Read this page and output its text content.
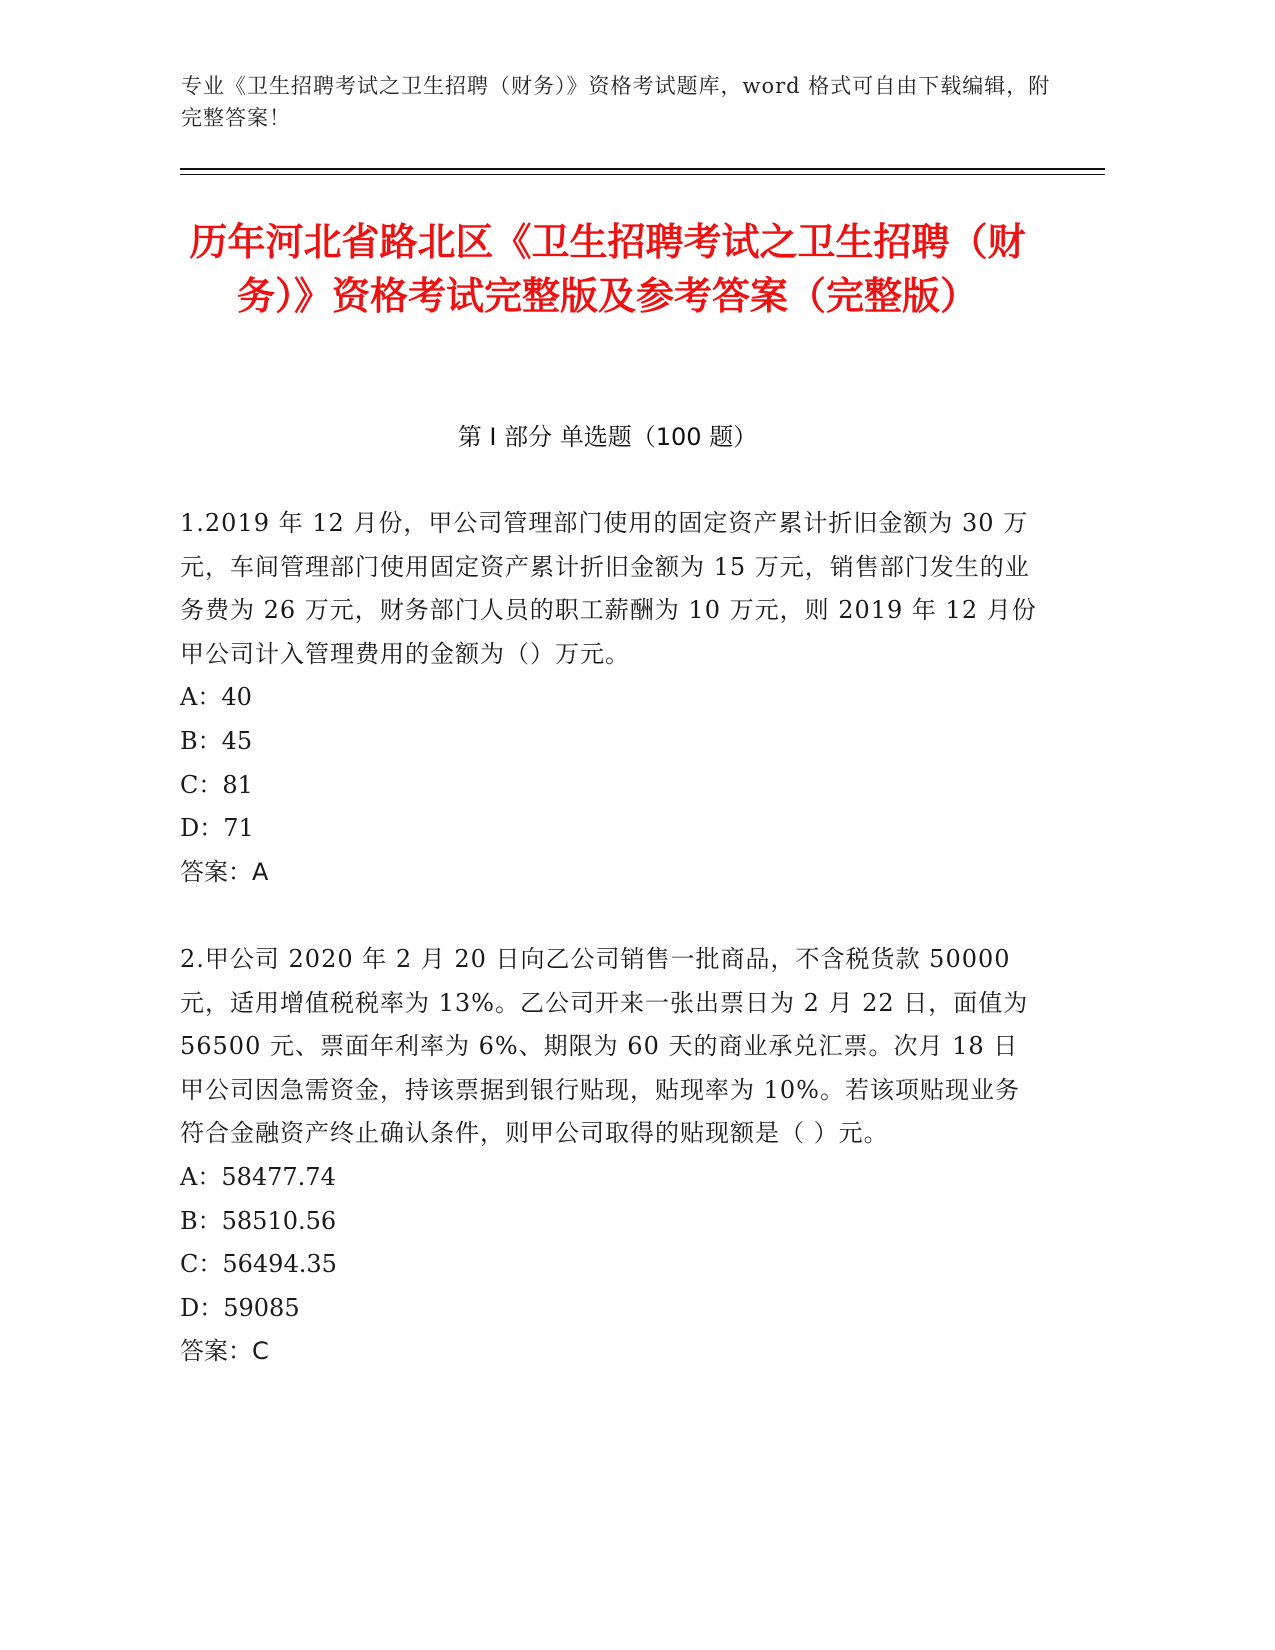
专业《卫生招聘考试之卫生招聘（财务）》资格考试题库，word 格式可自由下载编辑，附完整答案！
历年河北省路北区《卫生招聘考试之卫生招聘（财务）》资格考试完整版及参考答案（完整版）
第 I 部分 单选题（100 题）

1.2019 年 12 月份，甲公司管理部门使用的固定资产累计折旧金额为 30 万元，车间管理部门使用固定资产累计折旧金额为 15 万元，销售部门发生的业务费为 26 万元，财务部门人员的职工薪酬为 10 万元，则 2019 年 12 月份甲公司计入管理费用的金额为（）万元。

A：40

B：45

C：81

D：71

答案：A

2.甲公司 2020 年 2 月 20 日向乙公司销售一批商品，不含税货款 50000 元，适用增值税税率为 13%。乙公司开来一张出票日为 2 月 22 日，面值为 56500 元、票面年利率为 6%、期限为 60 天的商业承兑汇票。次月 18 日甲公司因急需资金，持该票据到银行贴现，贴现率为 10%。若该项贴现业务符合金融资产终止确认条件，则甲公司取得的贴现额是（ ）元。

A：58477.74

B：58510.56

C：56494.35

D：59085

答案：C
